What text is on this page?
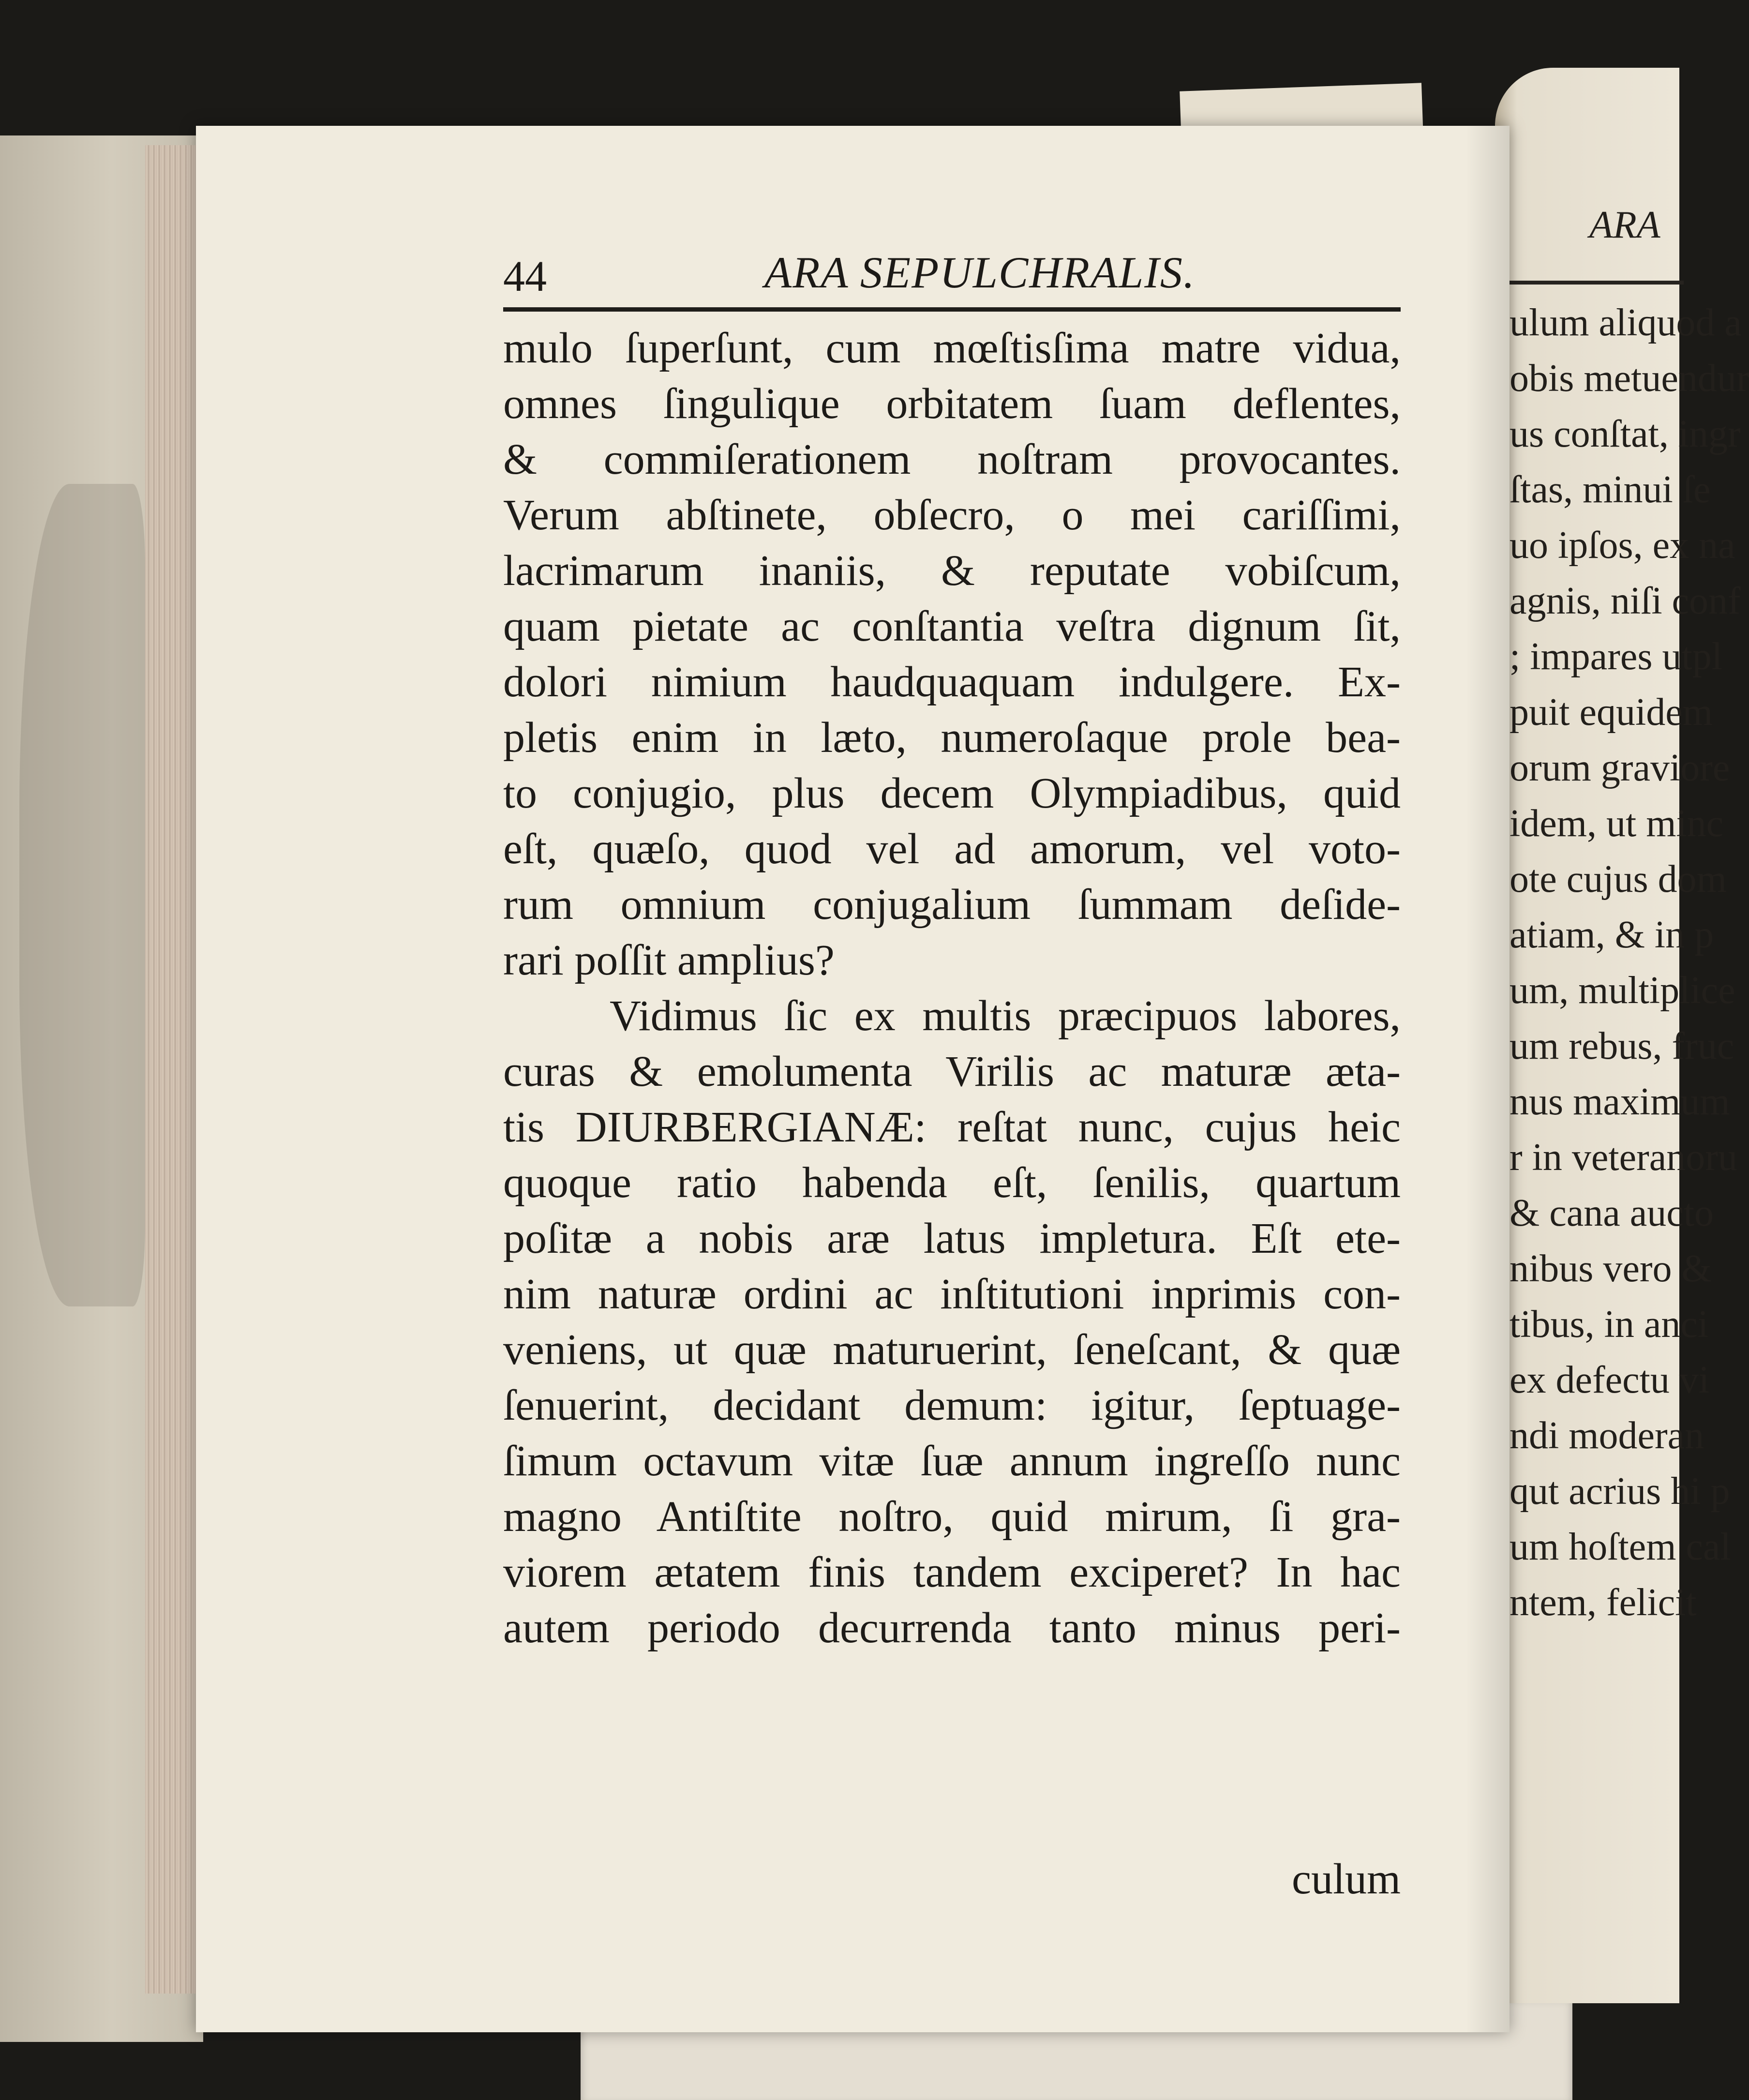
ARA
ulum aliquod a
obis metuendur
us conſtat, ingr
ſtas, minui ſe
uo ipſos, ex na
agnis, niſi conf
; impares utpl
puit equidem
orum graviore
idem, ut minc
ote cujus dom
atiam, & in p
um, multiplice
um rebus, fruc
nus maximum
r in veteranoru
& cana aucto
nibus vero &
tibus, in anci
ex defectu vi
ndi moderan
qut acrius hi p
um hoſtem cal
ntem, felicit
44	ARA SEPULCHRALIS.
mulo ſuperſunt, cum mœſtisſima matre vidua,
omnes ſingulique orbitatem ſuam deflentes,
& commiſerationem noſtram provocantes.
Verum abſtinete, obſecro, o mei cariſſimi,
lacrimarum inaniis, & reputate vobiſcum,
quam pietate ac conſtantia veſtra dignum ſit,
dolori nimium haudquaquam indulgere. Ex-
pletis enim in læto, numeroſaque prole bea-
to conjugio, plus decem Olympiadibus, quid
eſt, quæſo, quod vel ad amorum, vel voto-
rum omnium conjugalium ſummam deſide-
rari poſſit amplius?
Vidimus ſic ex multis præcipuos labores,
curas & emolumenta Virilis ac maturæ æta-
tis DIURBERGIANÆ: reſtat nunc, cujus heic
quoque ratio habenda eſt, ſenilis, quartum
poſitæ a nobis aræ latus impletura. Eſt ete-
nim naturæ ordini ac inſtitutioni inprimis con-
veniens, ut quæ maturuerint, ſeneſcant, & quæ
ſenuerint, decidant demum: igitur, ſeptuage-
ſimum octavum vitæ ſuæ annum ingreſſo nunc
magno Antiſtite noſtro, quid mirum, ſi gra-
viorem ætatem finis tandem exciperet? In hac
autem periodo decurrenda tanto minus peri-
culum
